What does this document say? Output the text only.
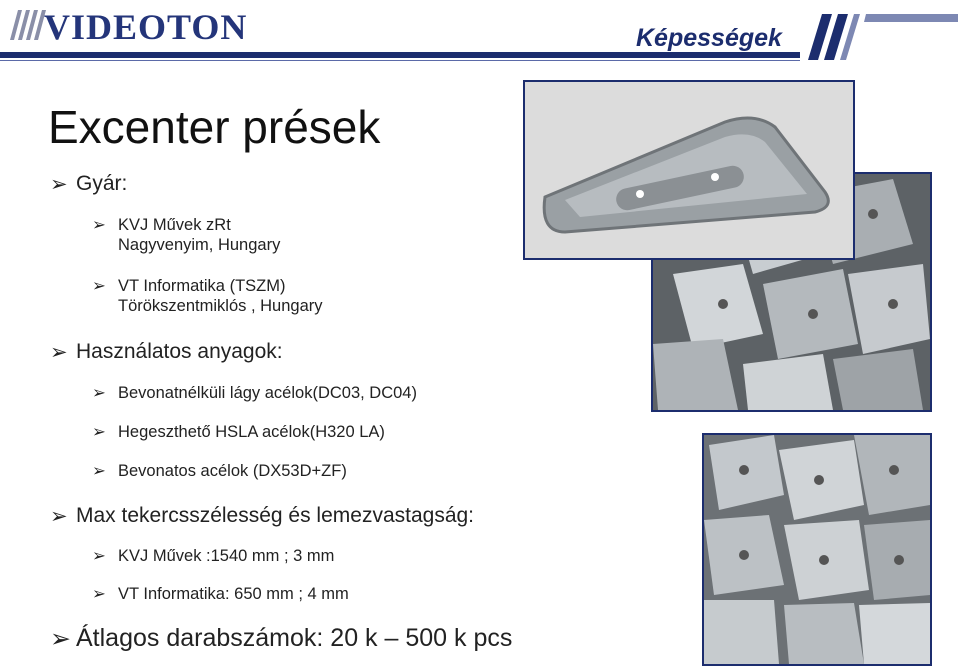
VIDEOTON	Képességek
Excenter prések
➢ Gyár:
➢ KVJ Művek zRt
Nagyvenyim, Hungary
➢ VT Informatika (TSZM)
Törökszentmiklós , Hungary
➢ Használatos anyagok:
➢ Bevonatnélküli lágy acélok(DC03, DC04)
➢ Hegeszthető HSLA acélok(H320 LA)
➢ Bevonatos acélok (DX53D+ZF)
➢ Max tekercsszélesség és lemezvastagság:
➢ KVJ Művek :1540 mm ; 3 mm
➢ VT Informatika: 650 mm ; 4 mm
➢ Átlagos darabszámok: 20 k – 500 k pcs
